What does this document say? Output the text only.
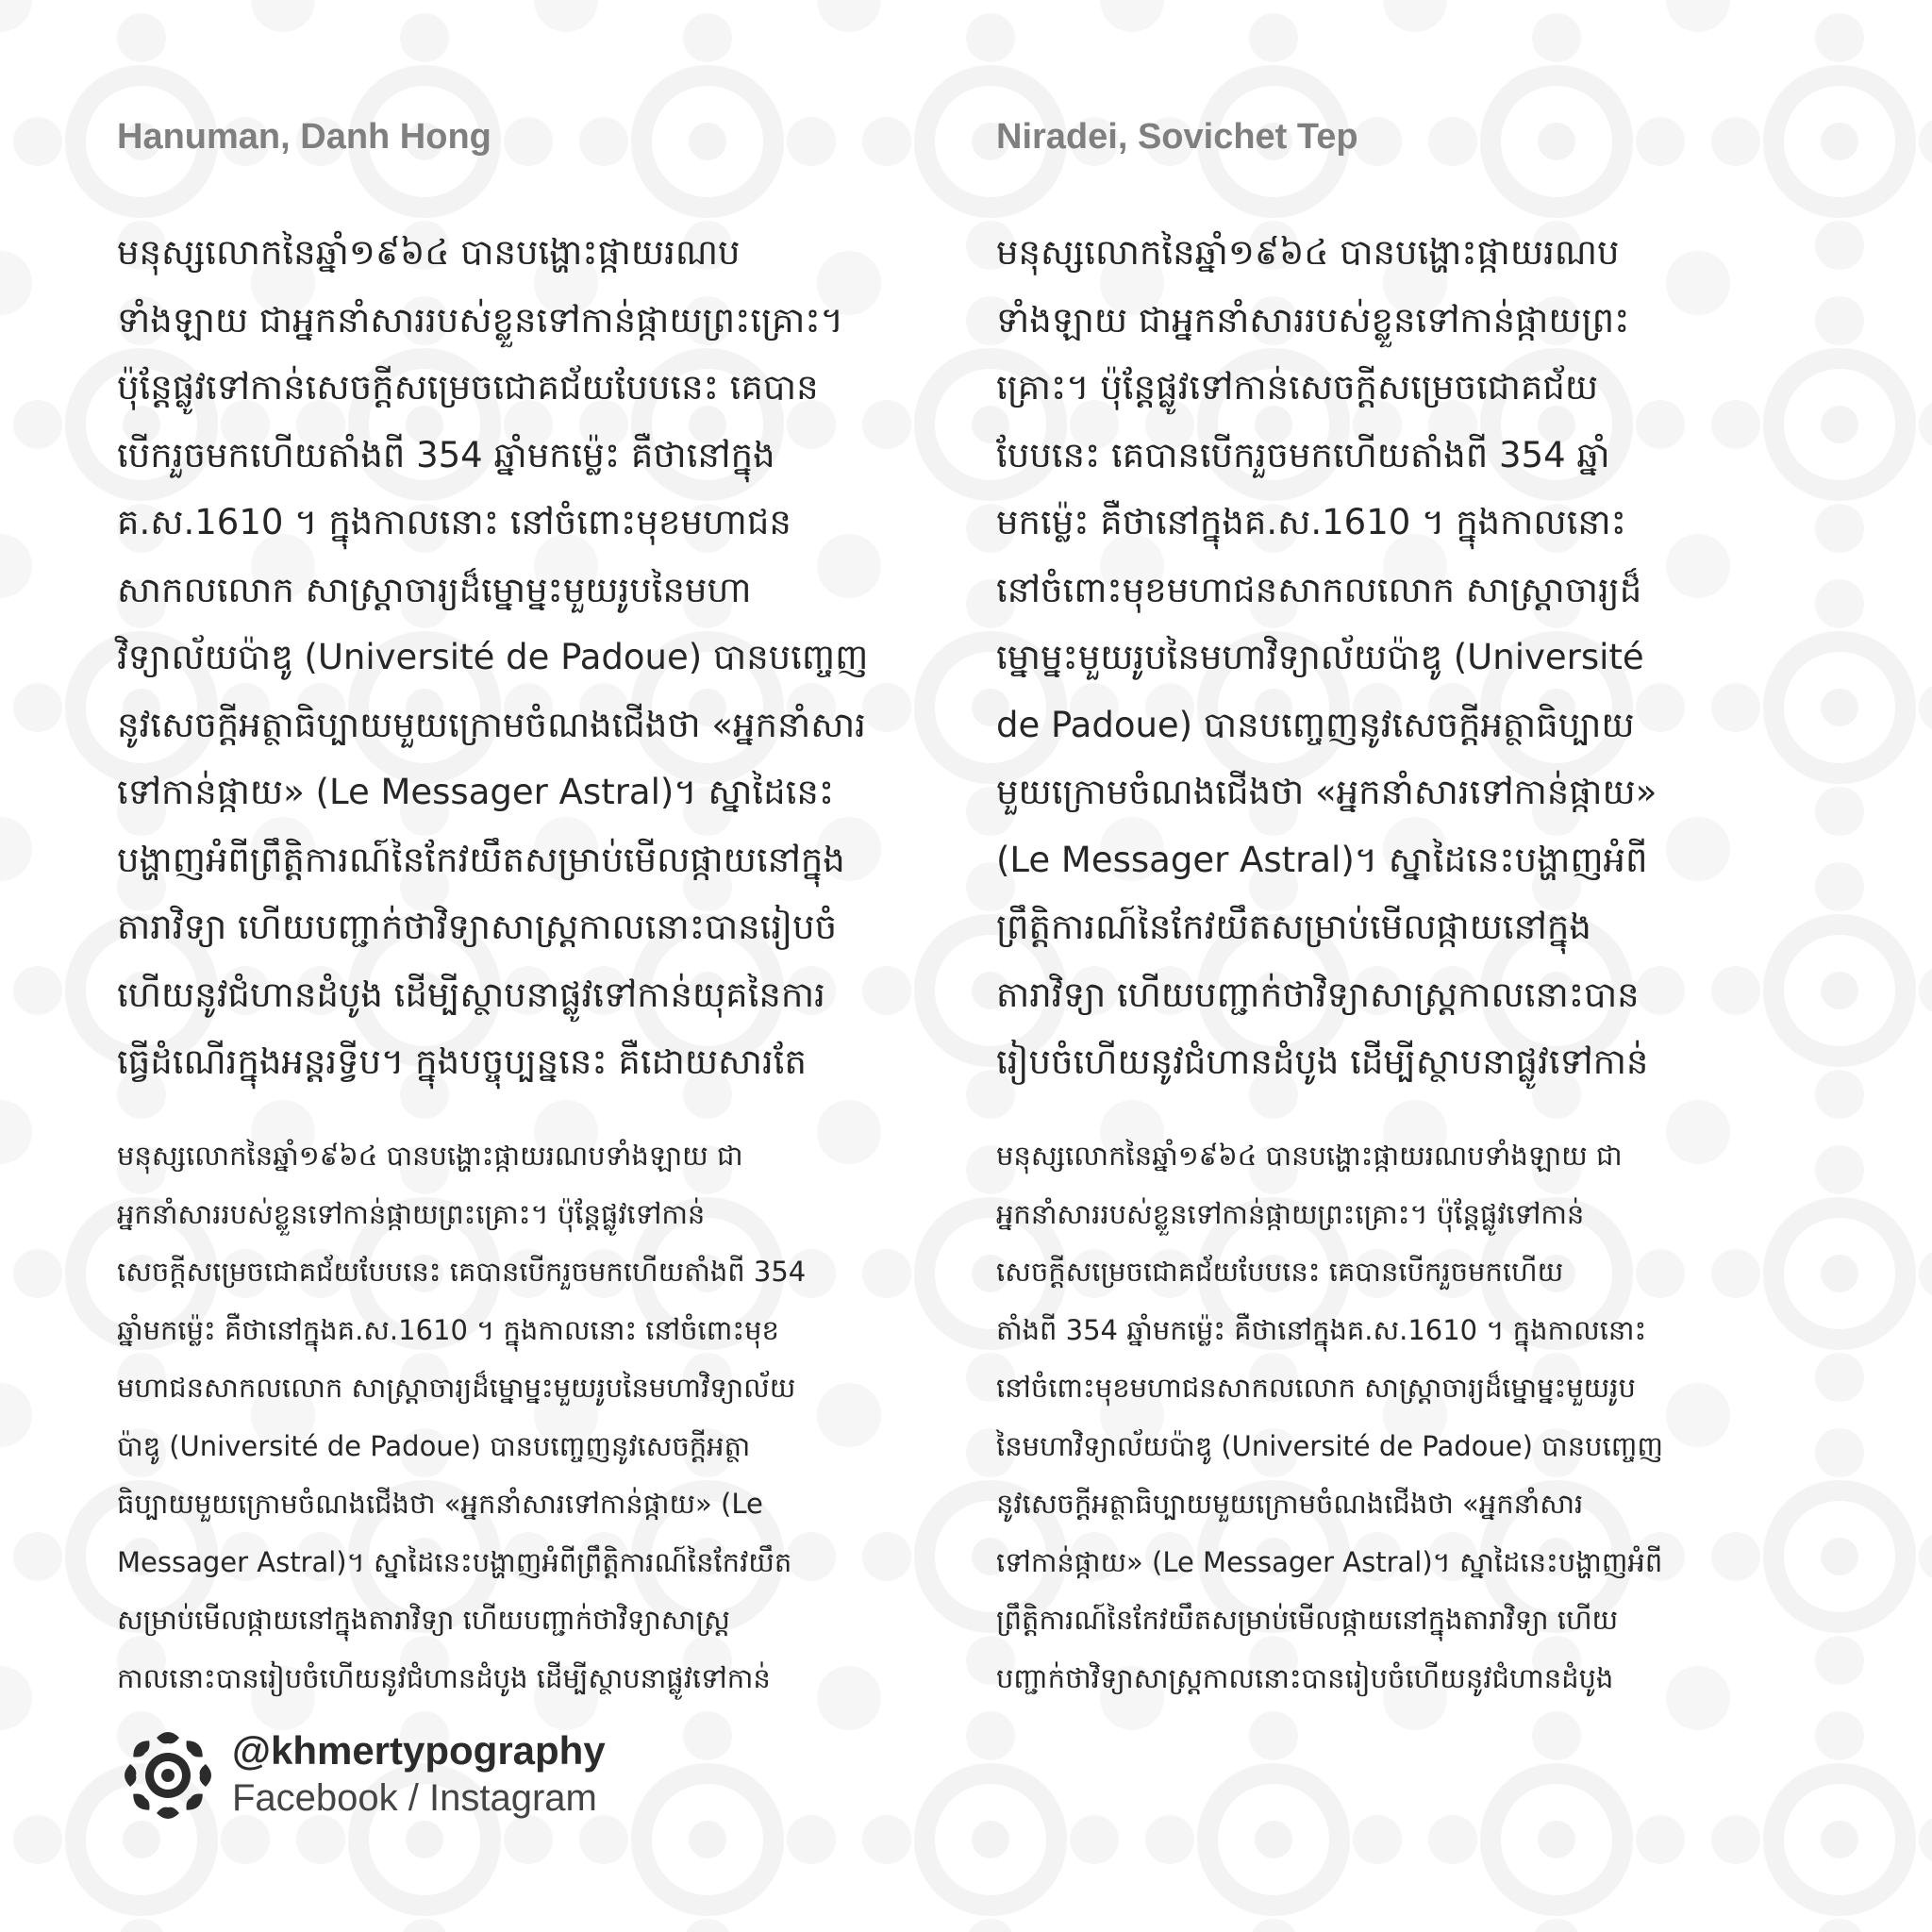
Hanuman, Danh Hong
មនុស្សលោកនៃឆ្នាំ១៩៦៤ បានបង្ហោះផ្កាយរណប
ទាំងឡាយ ជាអ្នកនាំសាររបស់ខ្លួនទៅកាន់ផ្កាយព្រះគ្រោះ។
ប៉ុន្តែផ្លូវទៅកាន់សេចក្តីសម្រេចជោគជ័យបែបនេះ គេបាន
បើករួចមកហើយតាំងពី 354 ឆ្នាំមកម្ល៉េះ គឺថានៅក្នុង
គ.ស.1610 ។ ក្នុងកាលនោះ នៅចំពោះមុខមហាជន
សាកលលោក សាស្ត្រាចារ្យដ៏ម្នោម្នះមួយរូបនៃមហា
វិទ្យាល័យប៉ាឌូ (Université de Padoue) បានបញ្ចេញ
នូវសេចក្តីអត្ថាធិប្បាយមួយក្រោមចំណងជើងថា «អ្នកនាំសារ
ទៅកាន់ផ្កាយ» (Le Messager Astral)។ ស្នាដៃនេះ
បង្ហាញអំពីព្រឹត្តិការណ៍នៃកែវយឹតសម្រាប់មើលផ្កាយនៅក្នុង
តារាវិទ្យា ហើយបញ្ជាក់ថាវិទ្យាសាស្ត្រកាលនោះបានរៀបចំ
ហើយនូវជំហានដំបូង ដើម្បីស្ថាបនាផ្លូវទៅកាន់យុគនៃការ
ធ្វើដំណើរក្នុងអន្តរទ្វីប។ ក្នុងបច្ចុប្បន្ននេះ គឺដោយសារតែ
មនុស្សលោកនៃឆ្នាំ១៩៦៤ បានបង្ហោះផ្កាយរណបទាំងឡាយ ជា
អ្នកនាំសាររបស់ខ្លួនទៅកាន់ផ្កាយព្រះគ្រោះ។ ប៉ុន្តែផ្លូវទៅកាន់
សេចក្តីសម្រេចជោគជ័យបែបនេះ គេបានបើករួចមកហើយតាំងពី 354
ឆ្នាំមកម្ល៉េះ គឺថានៅក្នុងគ.ស.1610 ។ ក្នុងកាលនោះ នៅចំពោះមុខ
មហាជនសាកលលោក សាស្ត្រាចារ្យដ៏ម្នោម្នះមួយរូបនៃមហាវិទ្យាល័យ
ប៉ាឌូ (Université de Padoue) បានបញ្ចេញនូវសេចក្តីអត្ថា
ធិប្បាយមួយក្រោមចំណងជើងថា «អ្នកនាំសារទៅកាន់ផ្កាយ» (Le
Messager Astral)។ ស្នាដៃនេះបង្ហាញអំពីព្រឹត្តិការណ៍នៃកែវយឹត
សម្រាប់មើលផ្កាយនៅក្នុងតារាវិទ្យា ហើយបញ្ជាក់ថាវិទ្យាសាស្ត្រ
កាលនោះបានរៀបចំហើយនូវជំហានដំបូង ដើម្បីស្ថាបនាផ្លូវទៅកាន់
Niradei, Sovichet Tep
មនុស្សលោកនៃឆ្នាំ១៩៦៤ បានបង្ហោះផ្កាយរណប
ទាំងឡាយ ជាអ្នកនាំសាររបស់ខ្លួនទៅកាន់ផ្កាយព្រះ
គ្រោះ។ ប៉ុន្តែផ្លូវទៅកាន់សេចក្តីសម្រេចជោគជ័យ
បែបនេះ គេបានបើករួចមកហើយតាំងពី 354 ឆ្នាំ
មកម្ល៉េះ គឺថានៅក្នុងគ.ស.1610 ។ ក្នុងកាលនោះ
នៅចំពោះមុខមហាជនសាកលលោក សាស្ត្រាចារ្យដ៏
ម្នោម្នះមួយរូបនៃមហាវិទ្យាល័យប៉ាឌូ (Université
de Padoue) បានបញ្ចេញនូវសេចក្តីអត្ថាធិប្បាយ
មួយក្រោមចំណងជើងថា «អ្នកនាំសារទៅកាន់ផ្កាយ»
(Le Messager Astral)។ ស្នាដៃនេះបង្ហាញអំពី
ព្រឹត្តិការណ៍នៃកែវយឹតសម្រាប់មើលផ្កាយនៅក្នុង
តារាវិទ្យា ហើយបញ្ជាក់ថាវិទ្យាសាស្ត្រកាលនោះបាន
រៀបចំហើយនូវជំហានដំបូង ដើម្បីស្ថាបនាផ្លូវទៅកាន់
មនុស្សលោកនៃឆ្នាំ១៩៦៤ បានបង្ហោះផ្កាយរណបទាំងឡាយ ជា
អ្នកនាំសាររបស់ខ្លួនទៅកាន់ផ្កាយព្រះគ្រោះ។ ប៉ុន្តែផ្លូវទៅកាន់
សេចក្តីសម្រេចជោគជ័យបែបនេះ គេបានបើករួចមកហើយ
តាំងពី 354 ឆ្នាំមកម្ល៉េះ គឺថានៅក្នុងគ.ស.1610 ។ ក្នុងកាលនោះ
នៅចំពោះមុខមហាជនសាកលលោក សាស្ត្រាចារ្យដ៏ម្នោម្នះមួយរូប
នៃមហាវិទ្យាល័យប៉ាឌូ (Université de Padoue) បានបញ្ចេញ
នូវសេចក្តីអត្ថាធិប្បាយមួយក្រោមចំណងជើងថា «អ្នកនាំសារ
ទៅកាន់ផ្កាយ» (Le Messager Astral)។ ស្នាដៃនេះបង្ហាញអំពី
ព្រឹត្តិការណ៍នៃកែវយឹតសម្រាប់មើលផ្កាយនៅក្នុងតារាវិទ្យា ហើយ
បញ្ជាក់ថាវិទ្យាសាស្ត្រកាលនោះបានរៀបចំហើយនូវជំហានដំបូង
@khmertypography
Facebook / Instagram
